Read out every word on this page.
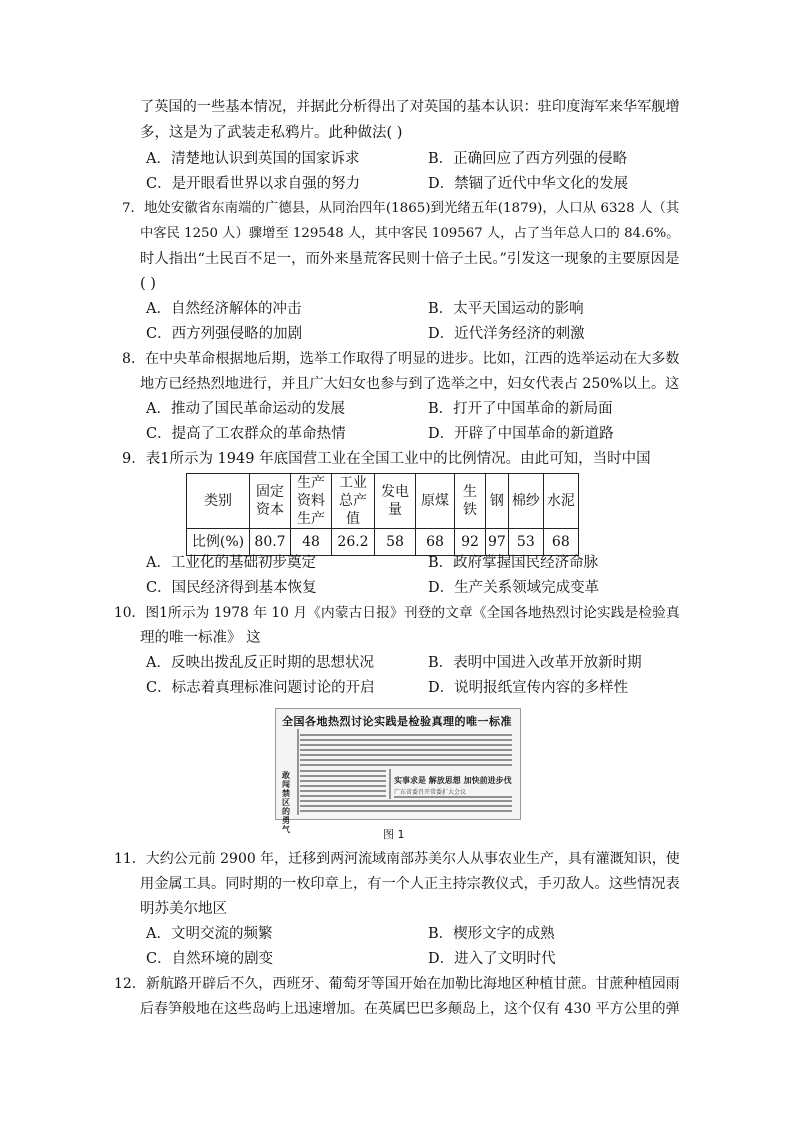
了英国的一些基本情况，并据此分析得出了对英国的基本认识：驻印度海军来华军舰增
多，这是为了武装走私鸦片。此种做法( )
A．清楚地认识到英国的国家诉求	B．正确回应了西方列强的侵略
C．是开眼看世界以求自强的努力	D．禁锢了近代中华文化的发展
7．地处安徽省东南端的广德县，从同治四年(1865)到光绪五年(1879)，人口从 6328 人（其
中客民 1250 人）骤增至 129548 人，其中客民 109567 人，占了当年总人口的 84.6%。
时人指出“土民百不足一，而外来垦荒客民则十倍子土民。”引发这一现象的主要原因是
( )
A．自然经济解体的冲击	B．太平天国运动的影响
C．西方列强侵略的加剧	D．近代洋务经济的刺激
8．在中央革命根据地后期，选举工作取得了明显的进步。比如，江西的选举运动在大多数
地方已经热烈地进行，并且广大妇女也参与到了选举之中，妇女代表占 250%以上。这
A．推动了国民革命运动的发展	B．打开了中国革命的新局面
C．提高了工农群众的革命热情	D．开辟了中国革命的新道路
9．表1所示为 1949 年底国营工业在全国工业中的比例情况。由此可知，当时中国
类别	固定资本	生产资料生产	工业总产值	发电量	原煤	生铁	钢	棉纱	水泥
比例(%)	80.7	48	26.2	58	68	92	97	53	68
A．工业化的基础初步奠定	B．政府掌握国民经济命脉
C．国民经济得到基本恢复	D．生产关系领域完成变革
10．图1所示为 1978 年 10 月《内蒙古日报》刊登的文章《全国各地热烈讨论实践是检验真
理的唯一标准》 这
A．反映出拨乱反正时期的思想状况	B．表明中国进入改革开放新时期
C．标志着真理标准问题讨论的开启	D．说明报纸宣传内容的多样性
全国各地热烈讨论实践是检验真理的唯一标准
敢闯禁区的勇气
实事求是 解放思想 加快前进步伐
广东省委召开常委扩大会议
图 1
11．大约公元前 2900 年，迁移到两河流域南部苏美尔人从事农业生产，具有灌溉知识，使
用金属工具。同时期的一枚印章上，有一个人正主持宗教仪式，手刃敌人。这些情况表
明苏美尔地区
A．文明交流的频繁	B．楔形文字的成熟
C．自然环境的剧变	D．进入了文明时代
12．新航路开辟后不久，西班牙、葡萄牙等国开始在加勒比海地区种植甘蔗。甘蔗种植园雨
后春笋般地在这些岛屿上迅速增加。在英属巴巴多颠岛上，这个仅有 430 平方公里的弹
